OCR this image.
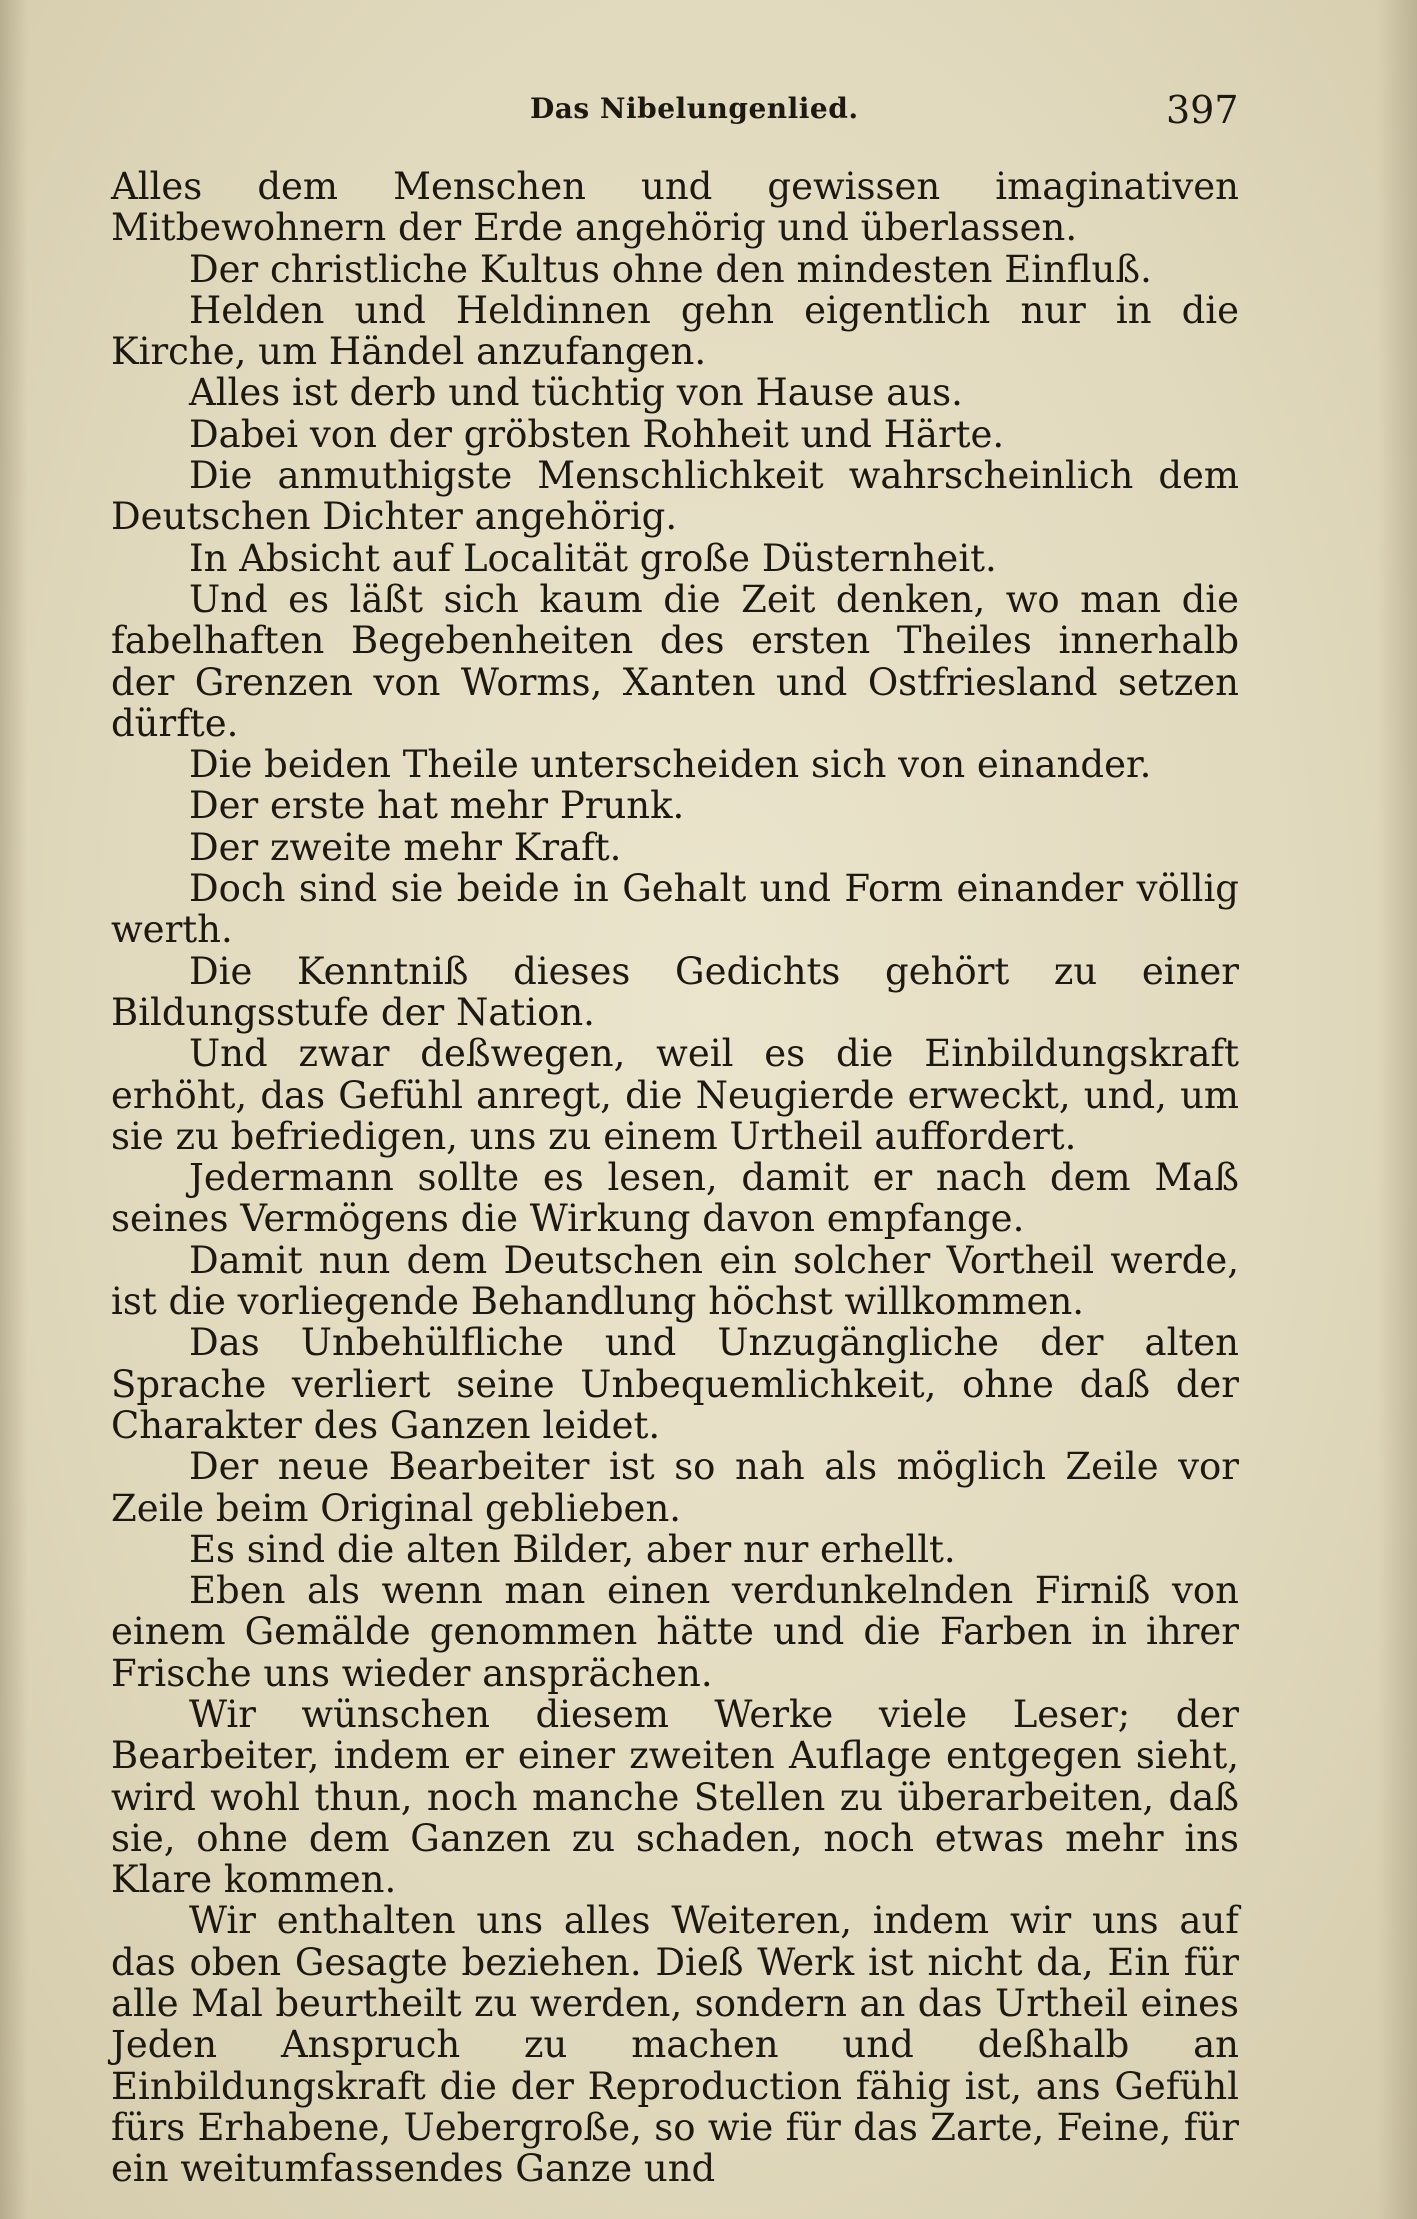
Das Nibelungenlied.	397

Alles dem Menschen und gewissen imaginativen Mitbewohnern der Erde angehörig und überlassen.

Der christliche Kultus ohne den mindesten Einfluß.

Helden und Heldinnen gehn eigentlich nur in die Kirche, um Händel anzufangen.

Alles ist derb und tüchtig von Hause aus.

Dabei von der gröbsten Rohheit und Härte.

Die anmuthigste Menschlichkeit wahrscheinlich dem Deutschen Dichter angehörig.

In Absicht auf Localität große Düsternheit.

Und es läßt sich kaum die Zeit denken, wo man die fabelhaften Begebenheiten des ersten Theiles innerhalb der Grenzen von Worms, Xanten und Ostfriesland setzen dürfte.

Die beiden Theile unterscheiden sich von einander.

Der erste hat mehr Prunk.

Der zweite mehr Kraft.

Doch sind sie beide in Gehalt und Form einander völlig werth.

Die Kenntniß dieses Gedichts gehört zu einer Bildungsstufe der Nation.

Und zwar deßwegen, weil es die Einbildungskraft erhöht, das Gefühl anregt, die Neugierde erweckt, und, um sie zu befriedigen, uns zu einem Urtheil auffordert.

Jedermann sollte es lesen, damit er nach dem Maß seines Vermögens die Wirkung davon empfange.

Damit nun dem Deutschen ein solcher Vortheil werde, ist die vorliegende Behandlung höchst willkommen.

Das Unbehülfliche und Unzugängliche der alten Sprache verliert seine Unbequemlichkeit, ohne daß der Charakter des Ganzen leidet.

Der neue Bearbeiter ist so nah als möglich Zeile vor Zeile beim Original geblieben.

Es sind die alten Bilder, aber nur erhellt.

Eben als wenn man einen verdunkelnden Firniß von einem Gemälde genommen hätte und die Farben in ihrer Frische uns wieder ansprächen.

Wir wünschen diesem Werke viele Leser; der Bearbeiter, indem er einer zweiten Auflage entgegen sieht, wird wohl thun, noch manche Stellen zu überarbeiten, daß sie, ohne dem Ganzen zu schaden, noch etwas mehr ins Klare kommen.

Wir enthalten uns alles Weiteren, indem wir uns auf das oben Gesagte beziehen. Dieß Werk ist nicht da, Ein für alle Mal beurtheilt zu werden, sondern an das Urtheil eines Jeden Anspruch zu machen und deßhalb an Einbildungskraft die der Reproduction fähig ist, ans Gefühl fürs Erhabene, Uebergroße, so wie für das Zarte, Feine, für ein weitumfassendes Ganze und
